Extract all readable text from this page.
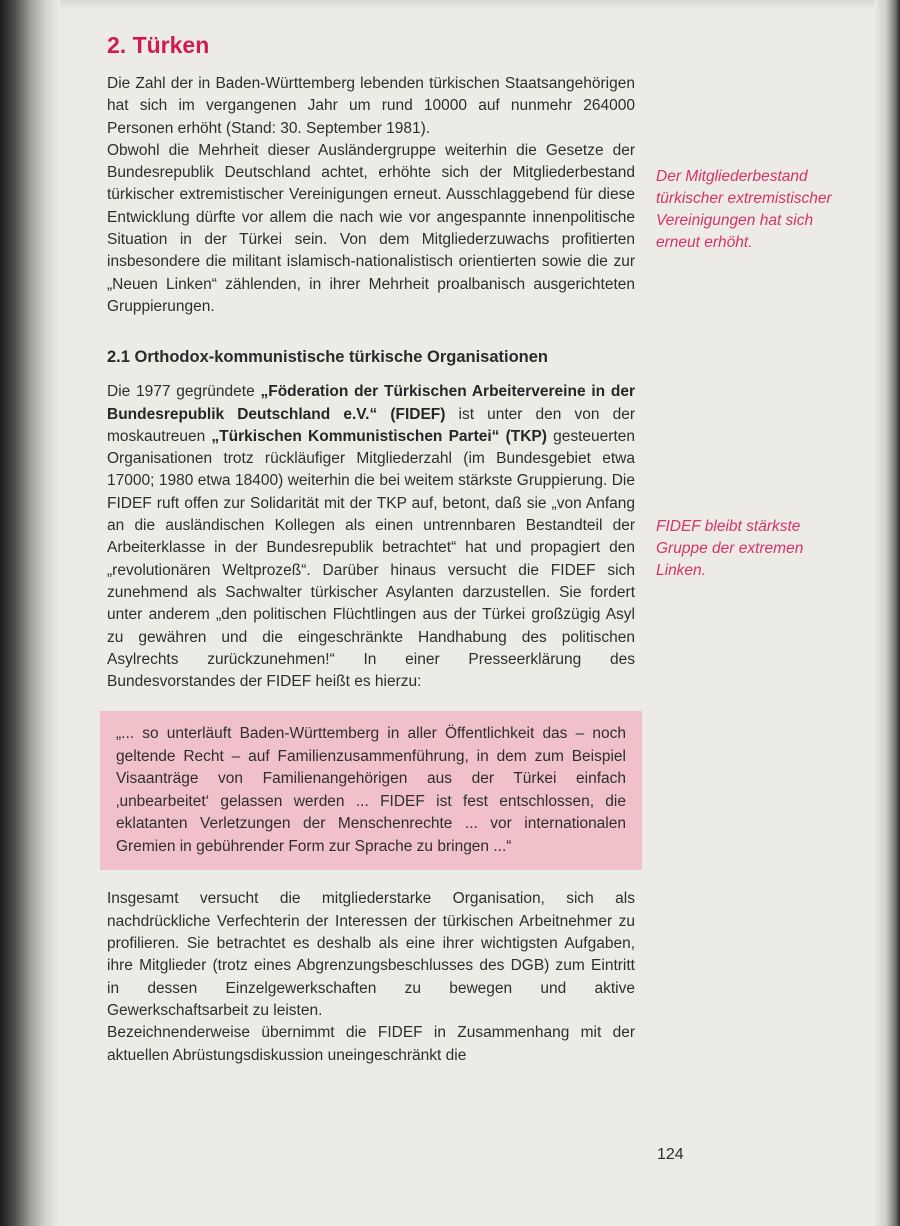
2. Türken

Die Zahl der in Baden-Württemberg lebenden türkischen Staatsangehörigen hat sich im vergangenen Jahr um rund 10000 auf nunmehr 264000 Personen erhöht (Stand: 30. September 1981).

Obwohl die Mehrheit dieser Ausländergruppe weiterhin die Gesetze der Bundesrepublik Deutschland achtet, erhöhte sich der Mitgliederbestand türkischer extremistischer Vereinigungen erneut. Ausschlaggebend für diese Entwicklung dürfte vor allem die nach wie vor angespannte innenpolitische Situation in der Türkei sein. Von dem Mitgliederzuwachs profitierten insbesondere die militant islamisch-nationalistisch orientierten sowie die zur „Neuen Linken“ zählenden, in ihrer Mehrheit proalbanisch ausgerichteten Gruppierungen.

2.1 Orthodox-kommunistische türkische Organisationen

Die 1977 gegründete „Föderation der Türkischen Arbeitervereine in der Bundesrepublik Deutschland e.V.“ (FIDEF) ist unter den von der moskautreuen „Türkischen Kommunistischen Partei“ (TKP) gesteuerten Organisationen trotz rückläufiger Mitgliederzahl (im Bundesgebiet etwa 17000; 1980 etwa 18400) weiterhin die bei weitem stärkste Gruppierung. Die FIDEF ruft offen zur Solidarität mit der TKP auf, betont, daß sie „von Anfang an die ausländischen Kollegen als einen untrennbaren Bestandteil der Arbeiterklasse in der Bundesrepublik betrachtet“ hat und propagiert den „revolutionären Weltprozeß“. Darüber hinaus versucht die FIDEF sich zunehmend als Sachwalter türkischer Asylanten darzustellen. Sie fordert unter anderem „den politischen Flüchtlingen aus der Türkei großzügig Asyl zu gewähren und die eingeschränkte Handhabung des politischen Asylrechts zurückzunehmen!“ In einer Presseerklärung des Bundesvorstandes der FIDEF heißt es hierzu:

„... so unterläuft Baden-Württemberg in aller Öffentlichkeit das – noch geltende Recht – auf Familienzusammenführung, in dem zum Beispiel Visaanträge von Familienangehörigen aus der Türkei einfach ‚unbearbeitet‘ gelassen werden ... FIDEF ist fest entschlossen, die eklatanten Verletzungen der Menschenrechte ... vor internationalen Gremien in gebührender Form zur Sprache zu bringen ...“

Insgesamt versucht die mitgliederstarke Organisation, sich als nachdrückliche Verfechterin der Interessen der türkischen Arbeitnehmer zu profilieren. Sie betrachtet es deshalb als eine ihrer wichtigsten Aufgaben, ihre Mitglieder (trotz eines Abgrenzungsbeschlusses des DGB) zum Eintritt in dessen Einzelgewerkschaften zu bewegen und aktive Gewerkschaftsarbeit zu leisten.

Bezeichnenderweise übernimmt die FIDEF in Zusammenhang mit der aktuellen Abrüstungsdiskussion uneingeschränkt die

Der Mitgliederbestand türkischer extremistischer Vereinigungen hat sich erneut erhöht.
FIDEF bleibt stärkste Gruppe der extremen Linken.
124
